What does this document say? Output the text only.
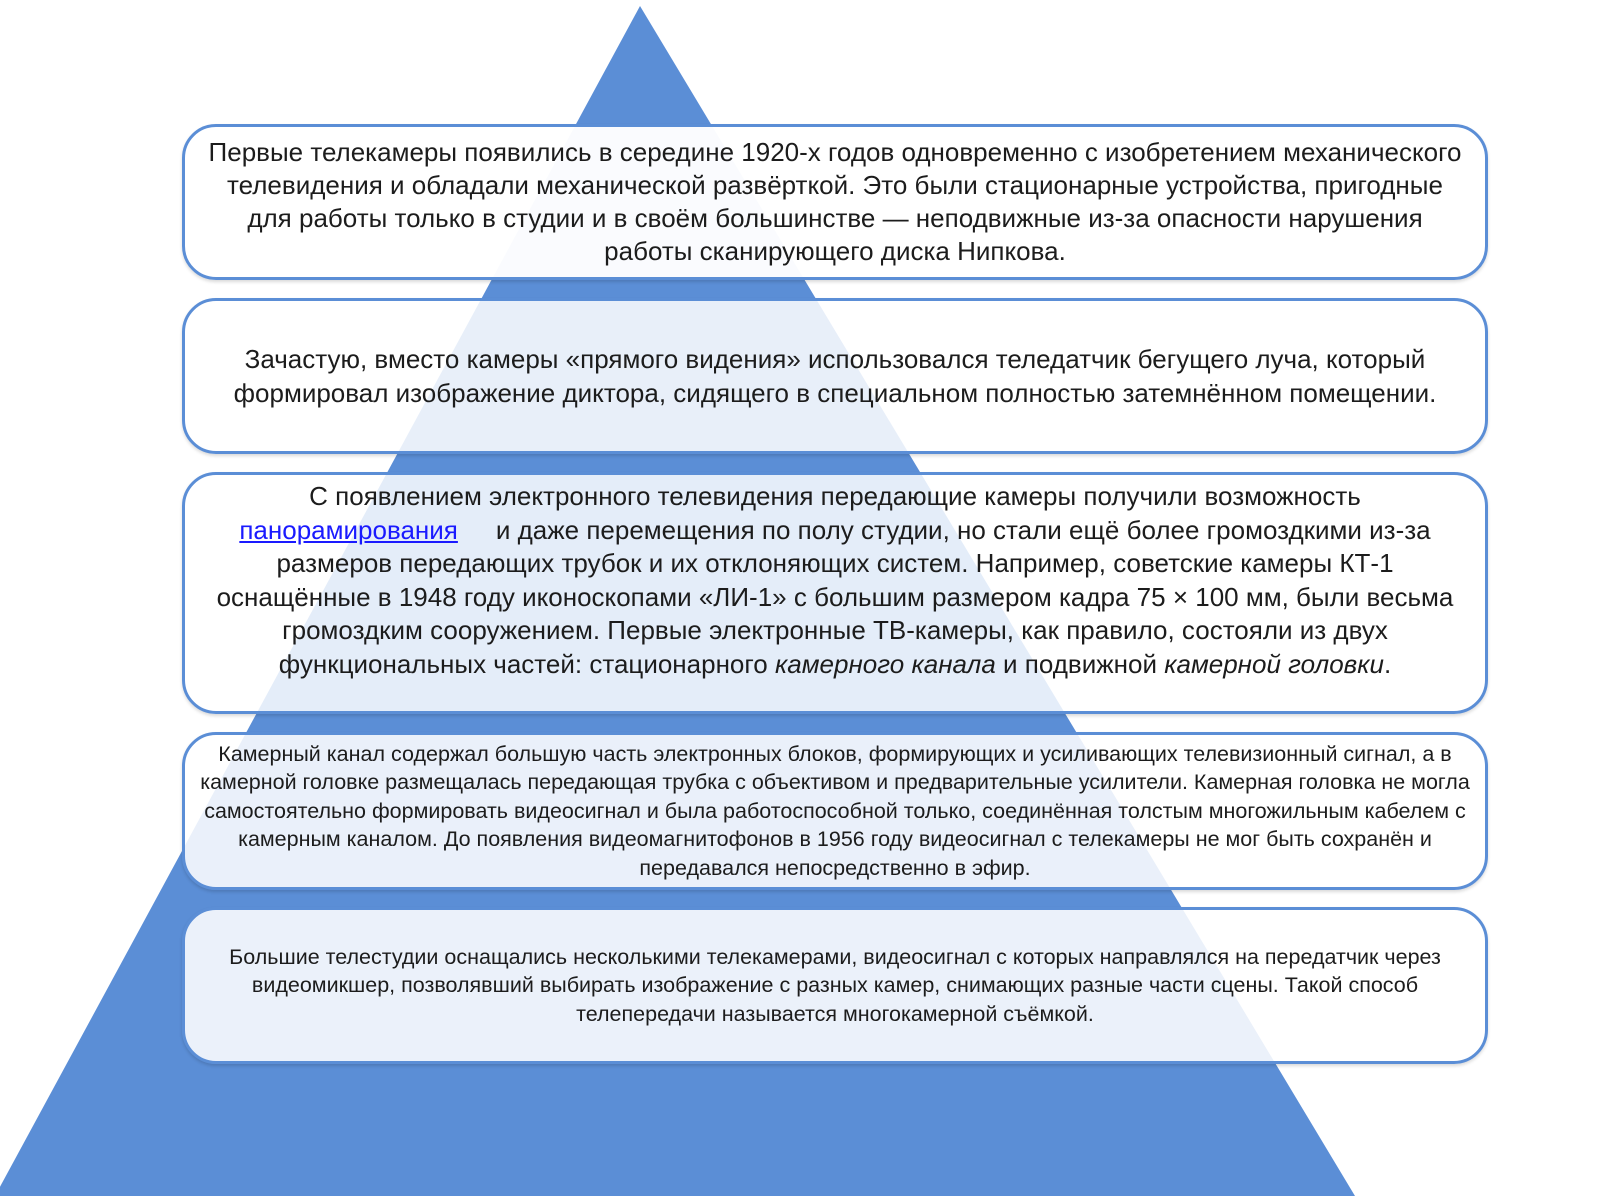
Первые телекамеры появились в середине 1920-х годов одновременно с изобретением механического телевидения и обладали механической развёрткой. Это были стационарные устройства, пригодные для работы только в студии и в своём большинстве — неподвижные из-за опасности нарушения работы сканирующего диска Нипкова.

Зачастую, вместо камеры «прямого видения» использовался теледатчик бегущего луча, который формировал изображение диктора, сидящего в специальном полностью затемнённом помещении.

С появлением электронного телевидения передающие камеры получили возможность панорамирования и даже перемещения по полу студии, но стали ещё более громоздкими из-за размеров передающих трубок и их отклоняющих систем. Например, советские камеры КТ-1 оснащённые в 1948 году иконоскопами «ЛИ-1» с большим размером кадра 75 × 100 мм, были весьма громоздким сооружением. Первые электронные ТВ-камеры, как правило, состояли из двух функциональных частей: стационарного камерного канала и подвижной камерной головки.

Камерный канал содержал большую часть электронных блоков, формирующих и усиливающих телевизионный сигнал, а в камерной головке размещалась передающая трубка с объективом и предварительные усилители. Камерная головка не могла самостоятельно формировать видеосигнал и была работоспособной только, соединённая толстым многожильным кабелем с камерным каналом. До появления видеомагнитофонов в 1956 году видеосигнал с телекамеры не мог быть сохранён и передавался непосредственно в эфир.

Большие телестудии оснащались несколькими телекамерами, видеосигнал с которых направлялся на передатчик через видеомикшер, позволявший выбирать изображение с разных камер, снимающих разные части сцены. Такой способ телепередачи называется многокамерной съёмкой.
